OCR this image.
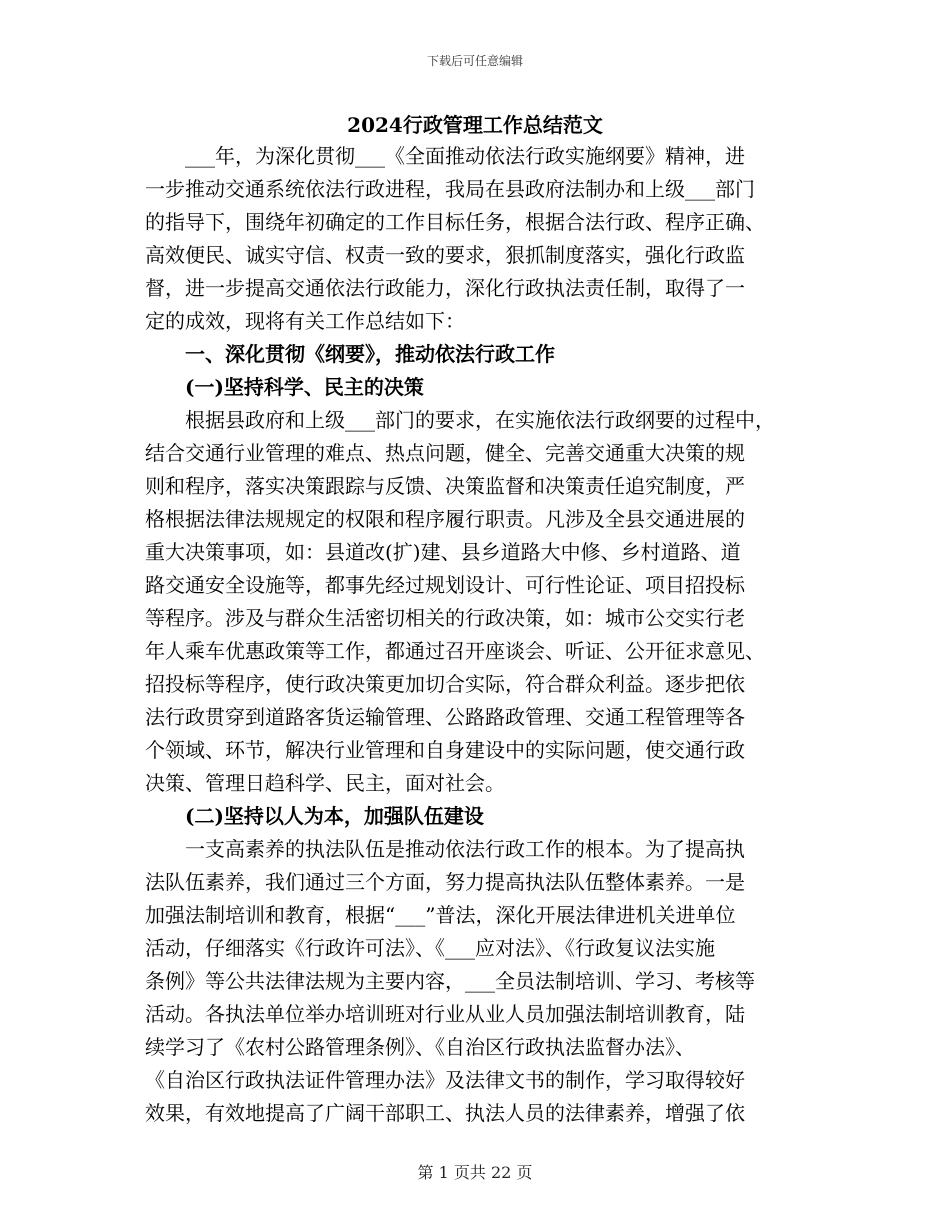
下载后可任意编辑
2024行政管理工作总结范文

___年，为深化贯彻___《全面推动依法行政实施纲要》精神，进
一步推动交通系统依法行政进程，我局在县政府法制办和上级___部门
的指导下，围绕年初确定的工作目标任务，根据合法行政、程序正确、
高效便民、诚实守信、权责一致的要求，狠抓制度落实，强化行政监
督，进一步提高交通依法行政能力，深化行政执法责任制，取得了一
定的成效，现将有关工作总结如下：

一、深化贯彻《纲要》，推动依法行政工作
(一)坚持科学、民主的决策

根据县政府和上级___部门的要求，在实施依法行政纲要的过程中，
结合交通行业管理的难点、热点问题，健全、完善交通重大决策的规
则和程序，落实决策跟踪与反馈、决策监督和决策责任追究制度，严
格根据法律法规规定的权限和程序履行职责。凡涉及全县交通进展的
重大决策事项，如：县道改(扩)建、县乡道路大中修、乡村道路、道
路交通安全设施等，都事先经过规划设计、可行性论证、项目招投标
等程序。涉及与群众生活密切相关的行政决策，如：城市公交实行老
年人乘车优惠政策等工作，都通过召开座谈会、听证、公开征求意见、
招投标等程序，使行政决策更加切合实际，符合群众利益。逐步把依
法行政贯穿到道路客货运输管理、公路路政管理、交通工程管理等各
个领域、环节，解决行业管理和自身建设中的实际问题，使交通行政
决策、管理日趋科学、民主，面对社会。

(二)坚持以人为本，加强队伍建设

一支高素养的执法队伍是推动依法行政工作的根本。为了提高执
法队伍素养，我们通过三个方面，努力提高执法队伍整体素养。一是
加强法制培训和教育，根据“___”普法，深化开展法律进机关进单位
活动，仔细落实《行政许可法》、《___应对法》、《行政复议法实施
条例》等公共法律法规为主要内容，___全员法制培训、学习、考核等
活动。各执法单位举办培训班对行业从业人员加强法制培训教育，陆
续学习了《农村公路管理条例》、《自治区行政执法监督办法》、
《自治区行政执法证件管理办法》及法律文书的制作，学习取得较好
效果，有效地提高了广阔干部职工、执法人员的法律素养，增强了依

第 1 页共 22 页
